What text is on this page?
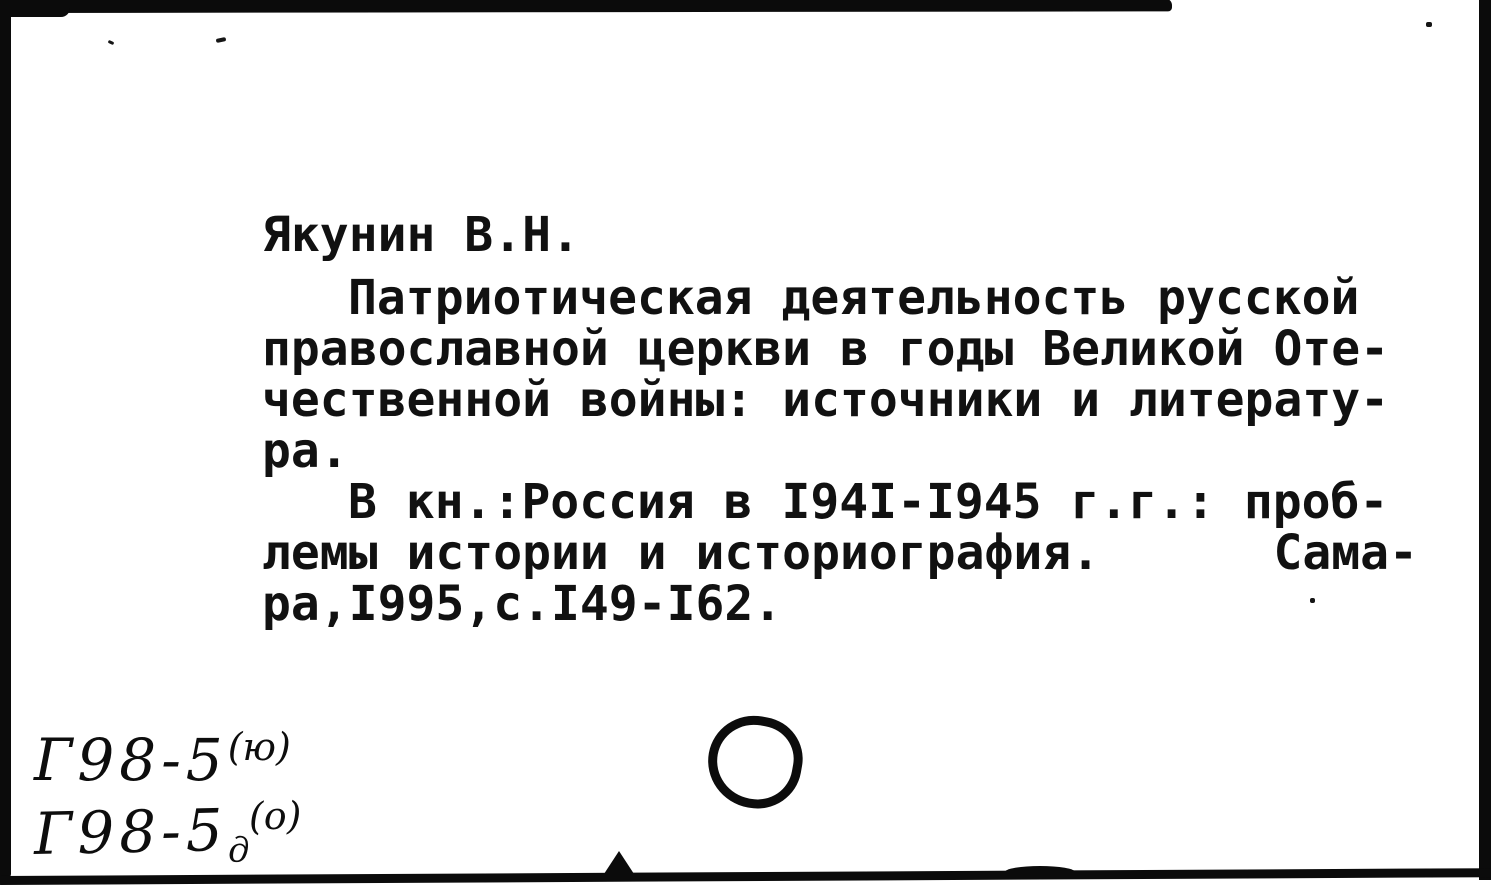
Якунин В.Н.
Патриотическая деятельность русской
православной церкви в годы Великой Оте-
чественной войны: источники и литерату-
ра.
В кн.:Россия в I94I-I945 г.г.: проб-
лемы истории и историография.      Сама-
ра,I995,с.I49-I62.
$Г98-5^{(ю)}$
$Г98-5_д^{(о)}$
